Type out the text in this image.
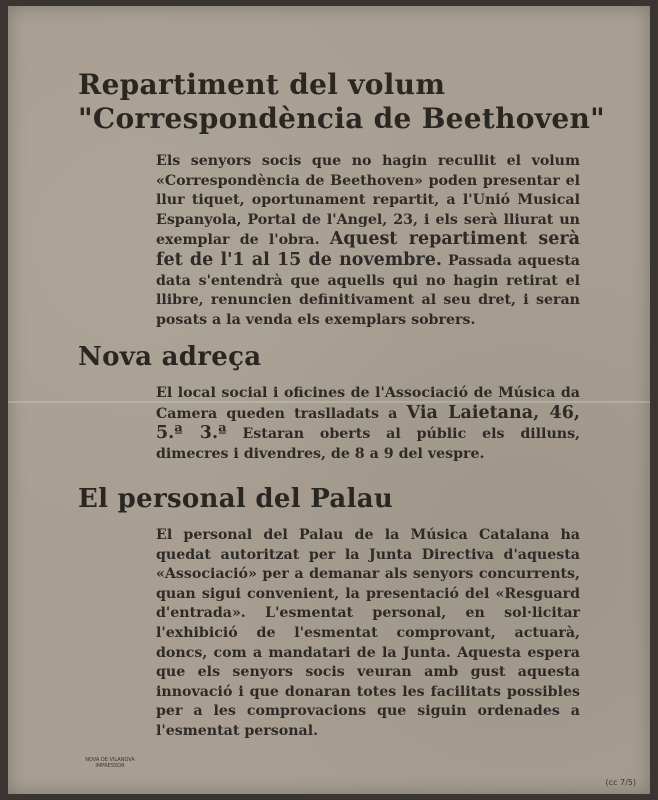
Repartiment del volum
"Correspondència de Beethoven"
Els senyors socis que no hagin recullit el volum «Correspondència de Beethoven» poden presentar el llur tiquet, oportunament repartit, a l'Unió Musical Espanyola, Portal de l'Angel, 23, i els serà lliurat un exemplar de l'obra. Aquest repartiment serà fet de l'1 al 15 de novembre. Passada aquesta data s'entendrà que aquells qui no hagin retirat el llibre, renuncien definitivament al seu dret, i seran posats a la venda els exemplars sobrers.
Nova adreça
El local social i oficines de l'Associació de Música da Camera queden traslladats a Via Laietana, 46, 5.ª 3.ª Estaran oberts al públic els dilluns, dimecres i divendres, de 8 a 9 del vespre.
El personal del Palau
El personal del Palau de la Música Catalana ha quedat autoritzat per la Junta Directiva d'aquesta «Associació» per a demanar als senyors concurrents, quan sigui convenient, la presentació del «Resguard d'entrada». L'esmentat personal, en sol·licitar l'exhibició de l'esmentat comprovant, actuarà, doncs, com a mandatari de la Junta. Aquesta espera que els senyors socis veuran amb gust aquesta innovació i que donaran totes les facilitats possibles per a les comprovacions que siguin ordenades a l'esmentat personal.
NOVA DE VILANOVA
IMPRESSOR
(cc 7/5)
